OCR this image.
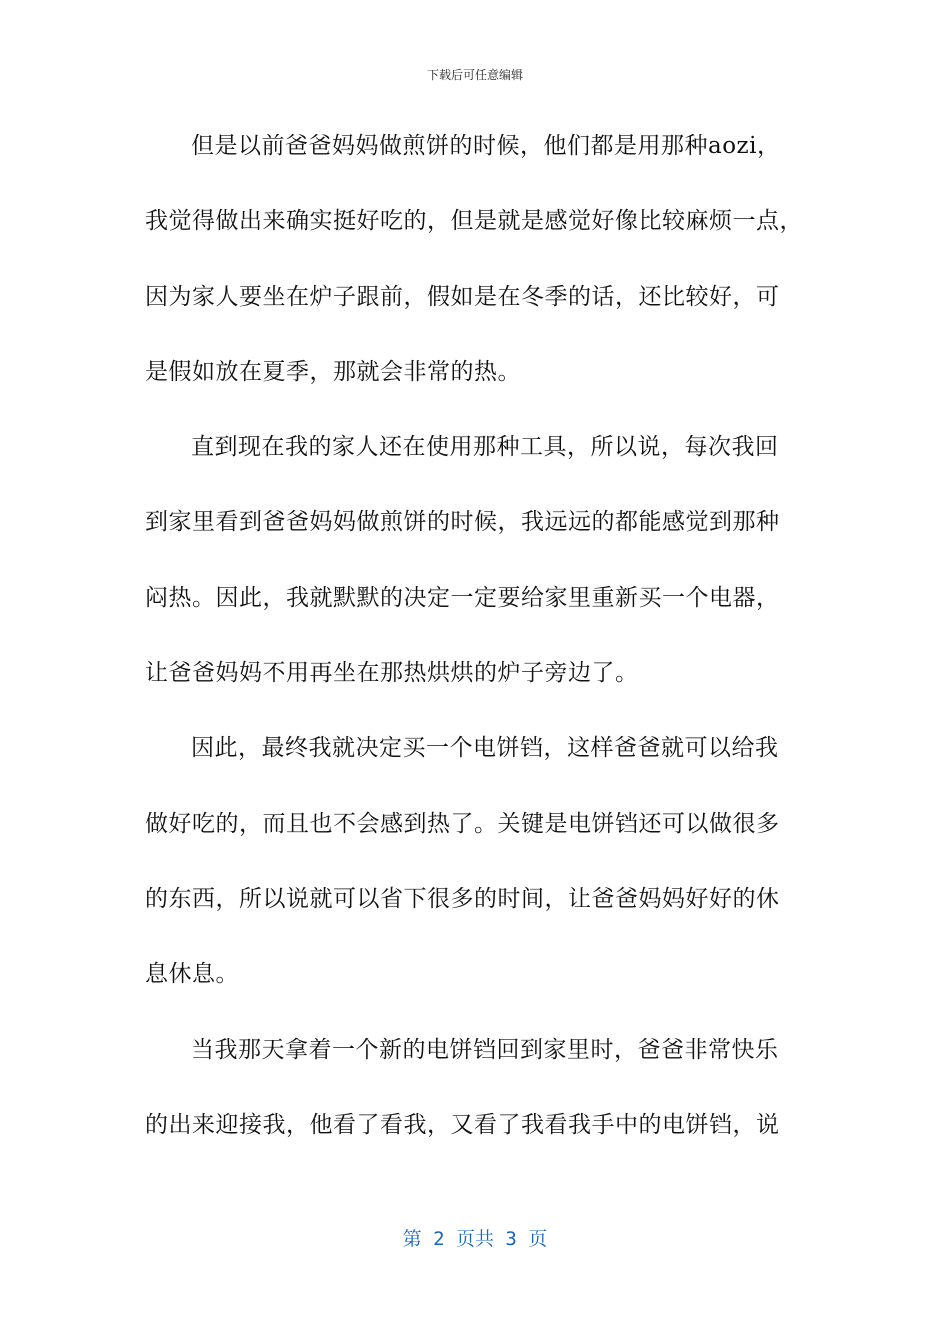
下载后可任意编辑
但是以前爸爸妈妈做煎饼的时候，他们都是用那种aozi，
我觉得做出来确实挺好吃的，但是就是感觉好像比较麻烦一点，
因为家人要坐在炉子跟前，假如是在冬季的话，还比较好，可
是假如放在夏季，那就会非常的热。
直到现在我的家人还在使用那种工具，所以说，每次我回
到家里看到爸爸妈妈做煎饼的时候，我远远的都能感觉到那种
闷热。因此，我就默默的决定一定要给家里重新买一个电器，
让爸爸妈妈不用再坐在那热烘烘的炉子旁边了。
因此，最终我就决定买一个电饼铛，这样爸爸就可以给我
做好吃的，而且也不会感到热了。关键是电饼铛还可以做很多
的东西，所以说就可以省下很多的时间，让爸爸妈妈好好的休
息休息。
当我那天拿着一个新的电饼铛回到家里时，爸爸非常快乐
的出来迎接我，他看了看我，又看了我看我手中的电饼铛，说
第 2 页共 3 页
